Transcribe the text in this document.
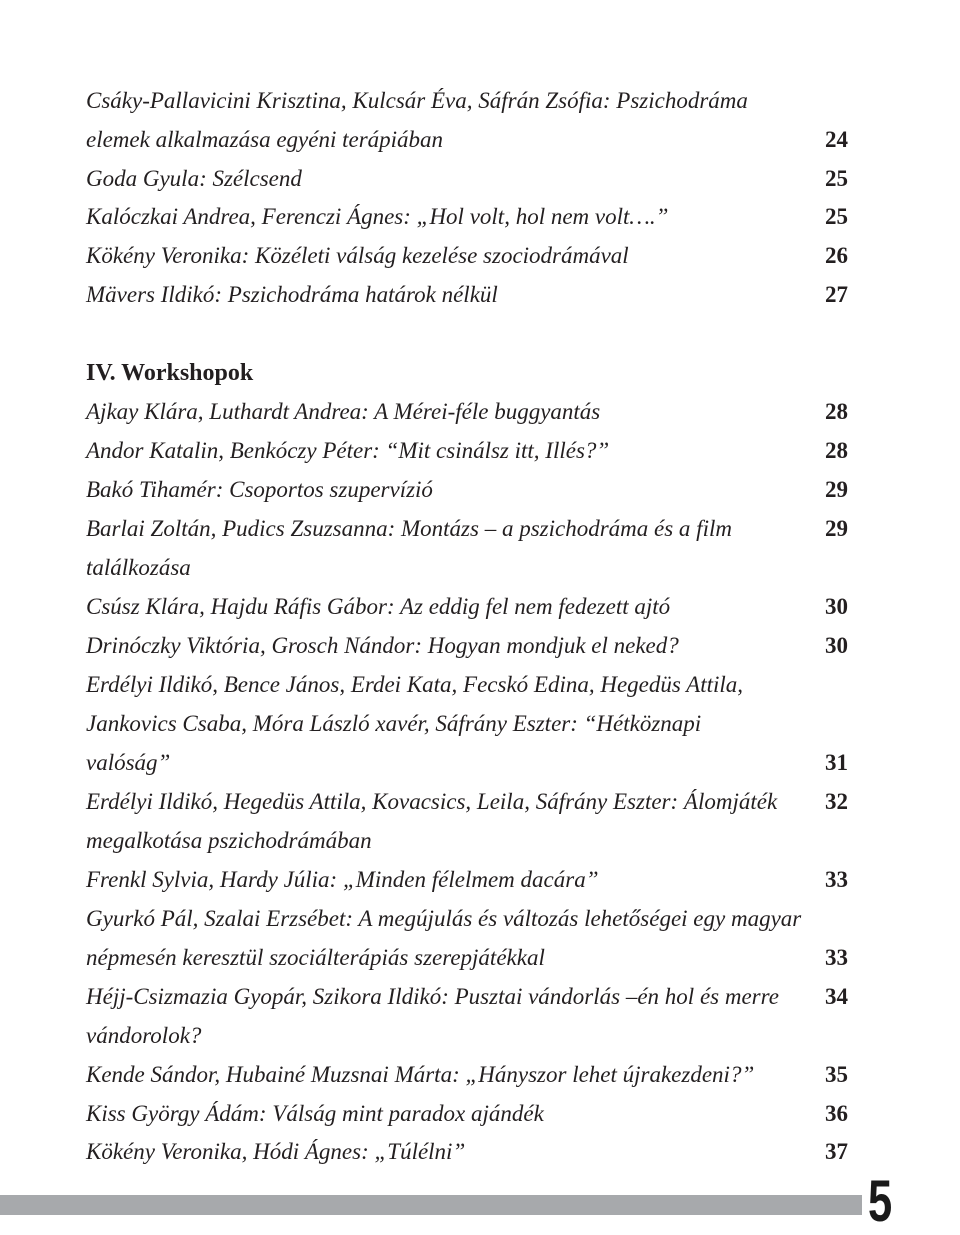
Csáky-Pallavicini Krisztina, Kulcsár Éva, Sáfrán Zsófia: Pszichodráma
elemek alkalmazása egyéni terápiában	24
Goda Gyula: Szélcsend	25
Kalóczkai Andrea, Ferenczi Ágnes: „Hol volt, hol nem volt….”	25
Kökény Veronika: Közéleti válság kezelése szociodrámával	26
Mävers Ildikó: Pszichodráma határok nélkül	27
IV. Workshopok
Ajkay Klára, Luthardt Andrea: A Mérei-féle buggyantás	28
Andor Katalin, Benkóczy Péter: “Mit csinálsz itt, Illés?”	28
Bakó Tihamér: Csoportos szupervízió	29
Barlai Zoltán, Pudics Zsuzsanna: Montázs – a pszichodráma és a film	29
találkozása
Csúsz Klára, Hajdu Ráfis Gábor: Az eddig fel nem fedezett ajtó	30
Drinóczky Viktória, Grosch Nándor: Hogyan mondjuk el neked?	30
Erdélyi Ildikó, Bence János, Erdei Kata, Fecskó Edina, Hegedüs Attila,
Jankovics Csaba, Móra László xavér, Sáfrány Eszter: “Hétköznapi
valóság”	31
Erdélyi Ildikó, Hegedüs Attila, Kovacsics, Leila, Sáfrány Eszter: Álomjáték	32
megalkotása pszichodrámában
Frenkl Sylvia, Hardy Júlia: „Minden félelmem dacára”	33
Gyurkó Pál, Szalai Erzsébet: A megújulás és változás lehetőségei egy magyar
népmesén keresztül szociálterápiás szerepjátékkal	33
Héjj-Csizmazia Gyopár, Szikora Ildikó: Pusztai vándorlás –én hol és merre	34
vándorolok?
Kende Sándor, Hubainé Muzsnai Márta: „Hányszor lehet újrakezdeni?”	35
Kiss György Ádám: Válság mint paradox ajándék	36
Kökény Veronika, Hódi Ágnes: „Túlélni”	37
5
